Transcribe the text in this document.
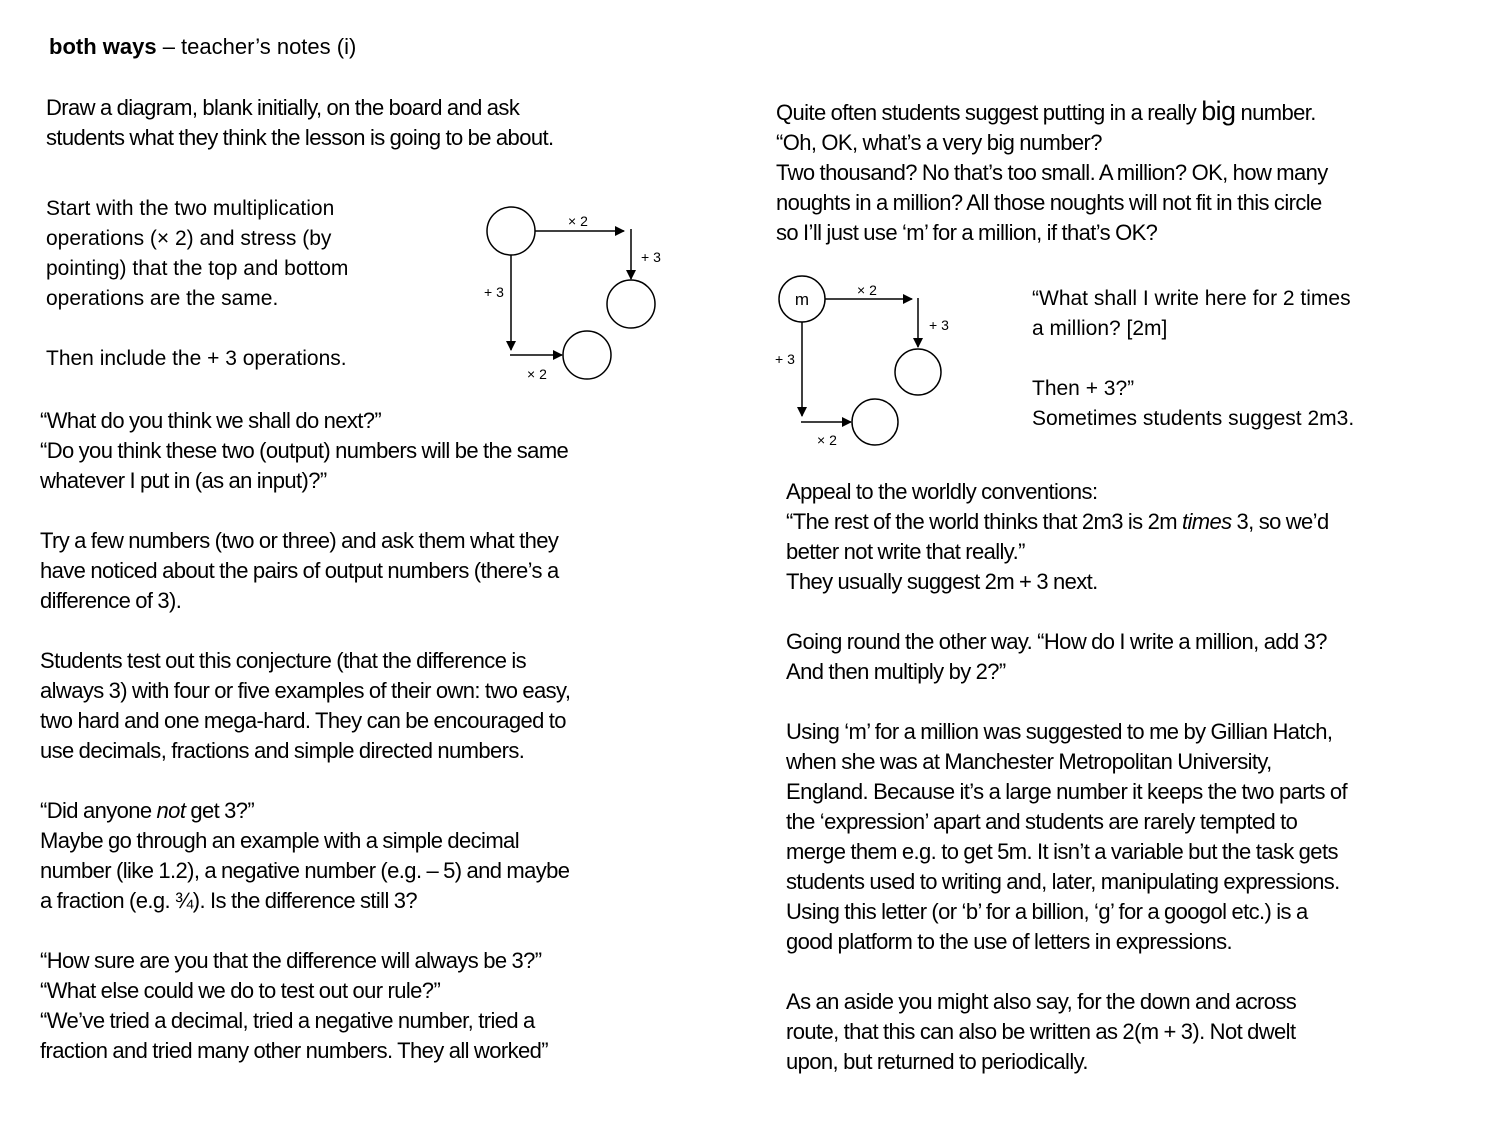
both ways – teacher’s notes (i)
Draw a diagram, blank initially, on the board and ask
students what they think the lesson is going to be about.
Start with the two multiplication
operations (× 2) and stress (by
pointing) that the top and bottom
operations are the same.
Then include the + 3 operations.
× 2
+ 3
+ 3
× 2
“What do you think we shall do next?”
“Do you think these two (output) numbers will be the same
whatever I put in (as an input)?”
Try a few numbers (two or three) and ask them what they
have noticed about the pairs of output numbers (there’s a
difference of 3).
Students test out this conjecture (that the difference is
always 3) with four or five examples of their own: two easy,
two hard and one mega-hard. They can be encouraged to
use decimals, fractions and simple directed numbers.
“Did anyone not get 3?”
Maybe go through an example with a simple decimal
number (like 1.2), a negative number (e.g. – 5) and maybe
a fraction (e.g. ¾). Is the difference still 3?
“How sure are you that the difference will always be 3?”
“What else could we do to test out our rule?”
“We’ve tried a decimal, tried a negative number, tried a
fraction and tried many other numbers. They all worked”
Quite often students suggest putting in a really big number.
“Oh, OK, what’s a very big number?
Two thousand? No that’s too small. A million? OK, how many
noughts in a million? All those noughts will not fit in this circle
so I’ll just use ‘m’ for a million, if that’s OK?
m	× 2
+ 3
+ 3
× 2
“What shall I write here for 2 times
a million? [2m]
Then + 3?”
Sometimes students suggest 2m3.
Appeal to the worldly conventions:
“The rest of the world thinks that 2m3 is 2m times 3, so we’d
better not write that really.”
They usually suggest 2m + 3 next.
Going round the other way. “How do I write a million, add 3?
And then multiply by 2?”
Using ‘m’ for a million was suggested to me by Gillian Hatch,
when she was at Manchester Metropolitan University,
England. Because it’s a large number it keeps the two parts of
the ‘expression’ apart and students are rarely tempted to
merge them e.g. to get 5m. It isn’t a variable but the task gets
students used to writing and, later, manipulating expressions.
Using this letter (or ‘b’ for a billion, ‘g’ for a googol etc.) is a
good platform to the use of letters in expressions.
As an aside you might also say, for the down and across
route, that this can also be written as 2(m + 3). Not dwelt
upon, but returned to periodically.
